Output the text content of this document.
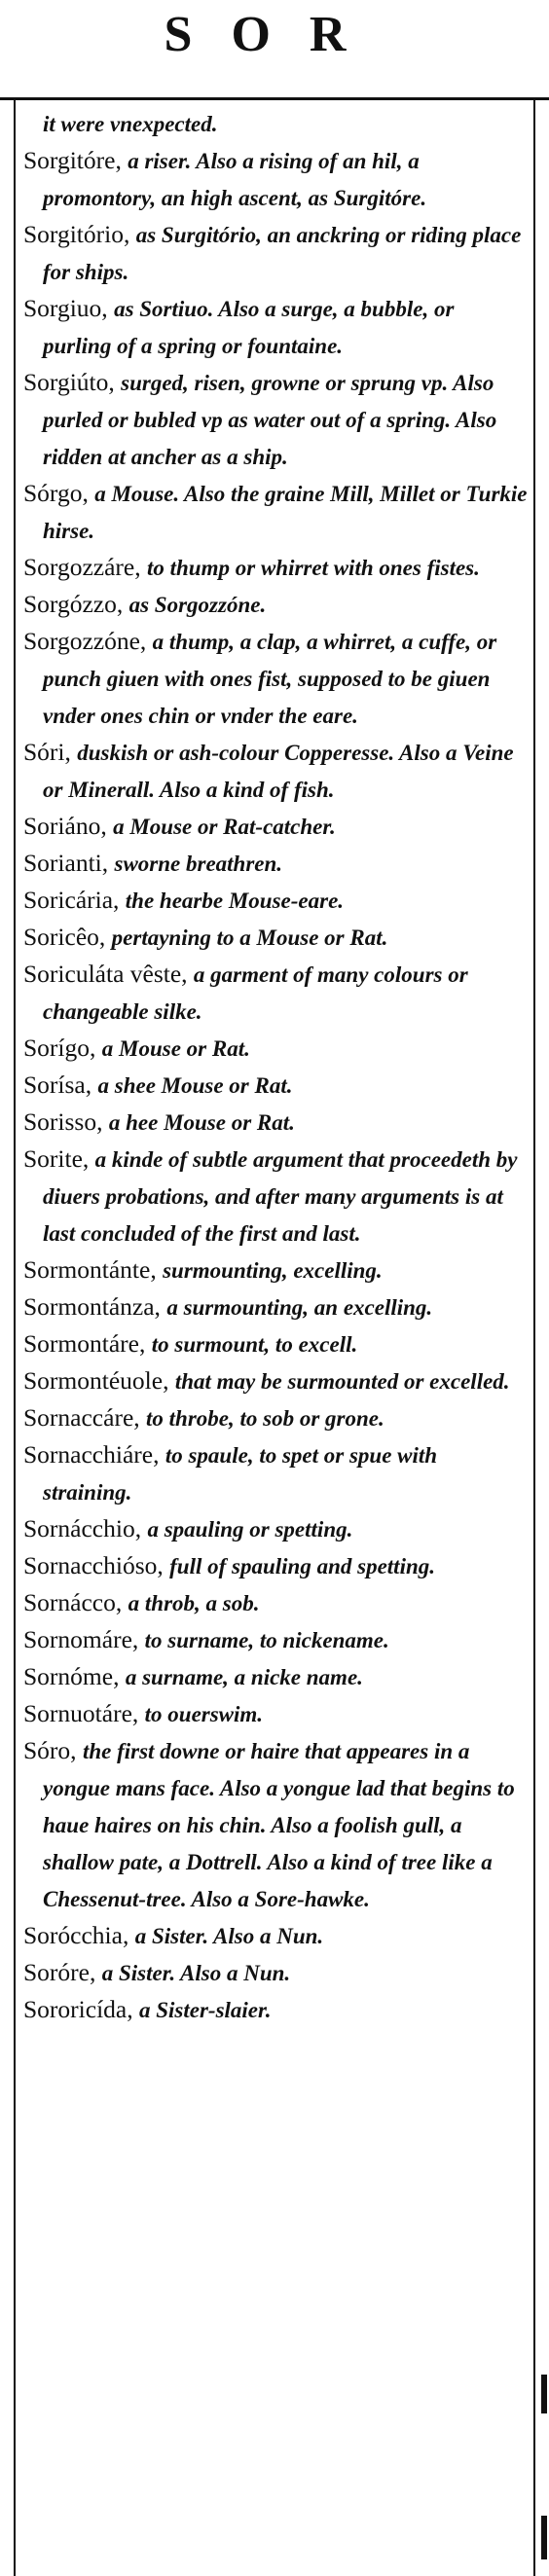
SOR
it were vnexpected.
Sorgitóre, a riser. Also a rising of an hil, a promontory, an high ascent, as Surgitóre.
Sorgitório, as Surgitório, an anckring or riding place for ships.
Sorgiuo, as Sortiuo. Also a surge, a bubble, or purling of a spring or fountaine.
Sorgiúto, surged, risen, growne or sprung vp. Also purled or bubled vp as water out of a spring. Also ridden at ancher as a ship.
Sórgo, a Mouse. Also the graine Mill, Millet or Turkie hirse.
Sorgozzáre, to thump or whirret with ones fistes.
Sorgózzo, as Sorgozzóne.
Sorgozzóne, a thump, a clap, a whirret, a cuffe, or punch giuen with ones fist, supposed to be giuen vnder ones chin or vnder the eare.
Sóri, duskish or ash-colour Copperesse. Also a Veine or Minerall. Also a kind of fish.
Soriáno, a Mouse or Rat-catcher.
Sorianti, sworne breathren.
Soricária, the hearbe Mouse-eare.
Soricêo, pertayning to a Mouse or Rat.
Soriculáta vêste, a garment of many colours or changeable silke.
Sorígo, a Mouse or Rat.
Sorísa, a shee Mouse or Rat.
Sorisso, a hee Mouse or Rat.
Sorite, a kinde of subtle argument that proceedeth by diuers probations, and after many arguments is at last concluded of the first and last.
Sormontánte, surmounting, excelling.
Sormontánza, a surmounting, an excelling.
Sormontáre, to surmount, to excell.
Sormontéuole, that may be surmounted or excelled.
Sornaccáre, to throbe, to sob or grone.
Sornacchiáre, to spaule, to spet or spue with straining.
Sornácchio, a spauling or spetting.
Sornacchióso, full of spauling and spetting.
Sornácco, a throb, a sob.
Sornomáre, to surname, to nickename.
Sornóme, a surname, a nicke name.
Sornuotáre, to ouerswim.
Sóro, the first downe or haire that appeares in a yongue mans face. Also a yongue lad that begins to haue haires on his chin. Also a foolish gull, a shallow pate, a Dottrell. Also a kind of tree like a Chessenut-tree. Also a Sore-hawke.
Sorócchia, a Sister. Also a Nun.
Soróre, a Sister. Also a Nun.
Sororicída, a Sister-slaier.
